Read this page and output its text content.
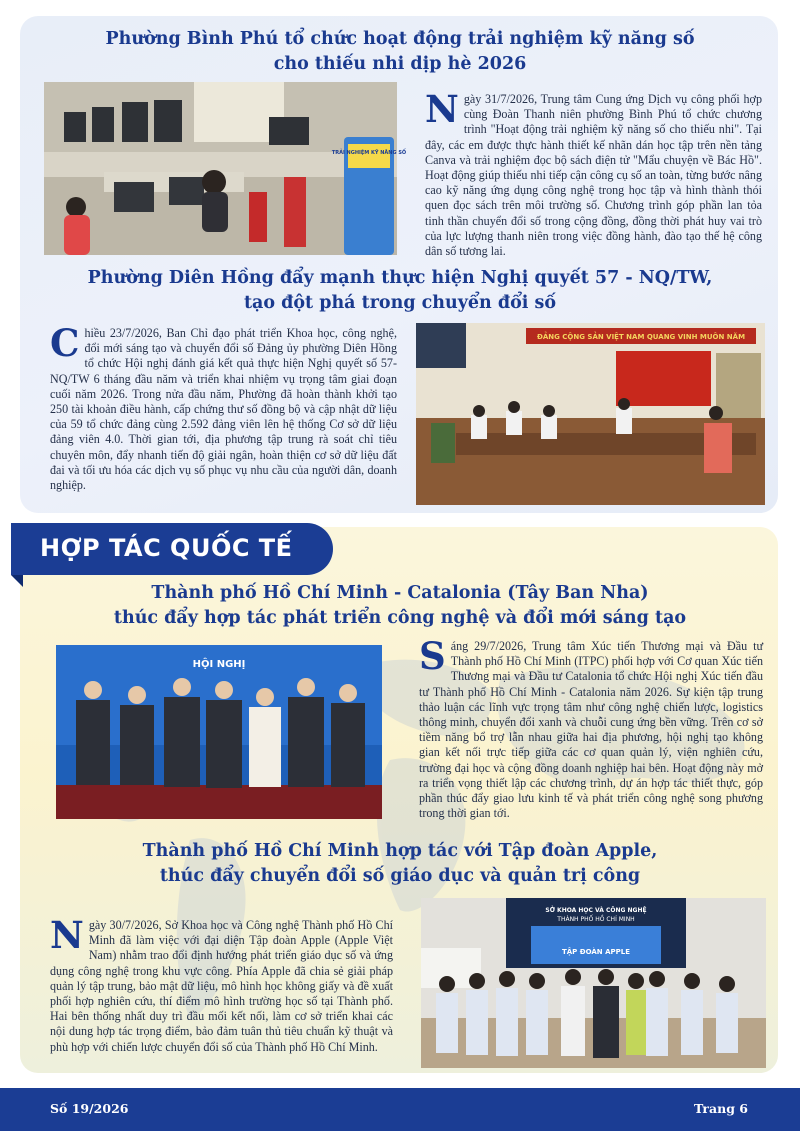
Phường Bình Phú tổ chức hoạt động trải nghiệm kỹ năng số
cho thiếu nhi dịp hè 2026
TRẢI NGHIỆM KỸ NĂNG SỐ
N gày 31/7/2026, Trung tâm Cung ứng Dịch vụ công phối hợp cùng Đoàn Thanh niên phường Bình Phú tổ chức chương trình "Hoạt động trải nghiệm kỹ năng số cho thiếu nhi". Tại đây, các em được thực hành thiết kế nhãn dán học tập trên nền tảng Canva và trải nghiệm đọc bộ sách điện tử "Mẩu chuyện về Bác Hồ". Hoạt động giúp thiếu nhi tiếp cận công cụ số an toàn, từng bước nâng cao kỹ năng ứng dụng công nghệ trong học tập và hình thành thói quen đọc sách trên môi trường số. Chương trình góp phần lan tỏa tinh thần chuyển đổi số trong cộng đồng, đồng thời phát huy vai trò của lực lượng thanh niên trong việc đồng hành, đào tạo thế hệ công dân số tương lai.
Phường Diên Hồng đẩy mạnh thực hiện Nghị quyết 57 - NQ/TW,
tạo đột phá trong chuyển đổi số
C hiều 23/7/2026, Ban Chỉ đạo phát triển Khoa học, công nghệ, đổi mới sáng tạo và chuyển đổi số Đảng ủy phường Diên Hồng tổ chức Hội nghị đánh giá kết quả thực hiện Nghị quyết số 57-NQ/TW 6 tháng đầu năm và triển khai nhiệm vụ trọng tâm giai đoạn cuối năm 2026. Trong nửa đầu năm, Phường đã hoàn thành khởi tạo 250 tài khoản điều hành, cấp chứng thư số đồng bộ và cập nhật dữ liệu của 59 tổ chức đảng cùng 2.592 đảng viên lên hệ thống Cơ sở dữ liệu đảng viên 4.0. Thời gian tới, địa phương tập trung rà soát chỉ tiêu chuyên môn, đẩy nhanh tiến độ giải ngân, hoàn thiện cơ sở dữ liệu đất đai và tối ưu hóa các dịch vụ số phục vụ nhu cầu của người dân, doanh nghiệp.
ĐẢNG CỘNG SẢN VIỆT NAM QUANG VINH MUÔN NĂM
HỢP TÁC QUỐC TẾ
Thành phố Hồ Chí Minh - Catalonia (Tây Ban Nha)
thúc đẩy hợp tác phát triển công nghệ và đổi mới sáng tạo
HỘI NGHỊ	S áng 29/7/2026, Trung tâm Xúc tiến Thương mại và Đầu tư Thành phố Hồ Chí Minh (ITPC) phối hợp với Cơ quan Xúc tiến Thương mại và Đầu tư Catalonia tổ chức Hội nghị Xúc tiến đầu tư Thành phố Hồ Chí Minh - Catalonia năm 2026. Sự kiện tập trung thảo luận các lĩnh vực trọng tâm như công nghệ chiến lược, logistics thông minh, chuyển đổi xanh và chuỗi cung ứng bền vững. Trên cơ sở tiềm năng bổ trợ lẫn nhau giữa hai địa phương, hội nghị tạo không gian kết nối trực tiếp giữa các cơ quan quản lý, viện nghiên cứu, trường đại học và cộng đồng doanh nghiệp hai bên. Hoạt động này mở ra triển vọng thiết lập các chương trình, dự án hợp tác thiết thực, góp phần thúc đẩy giao lưu kinh tế và phát triển công nghệ song phương trong thời gian tới.
Thành phố Hồ Chí Minh hợp tác với Tập đoàn Apple,
thúc đẩy chuyển đổi số giáo dục và quản trị công
N gày 30/7/2026, Sở Khoa học và Công nghệ Thành phố Hồ Chí Minh đã làm việc với đại diện Tập đoàn Apple (Apple Việt Nam) nhằm trao đổi định hướng phát triển giáo dục số và ứng dụng công nghệ trong khu vực công. Phía Apple đã chia sẻ giải pháp quản lý tập trung, bảo mật dữ liệu, mô hình học không giấy và đề xuất phối hợp nghiên cứu, thí điểm mô hình trường học số tại Thành phố. Hai bên thống nhất duy trì đầu mối kết nối, làm cơ sở triển khai các nội dung hợp tác trọng điểm, bảo đảm tuân thủ tiêu chuẩn kỹ thuật và phù hợp với chiến lược chuyển đổi số của Thành phố Hồ Chí Minh.
SỞ KHOA HỌC VÀ CÔNG NGHỆ
THÀNH PHỐ HỒ CHÍ MINH
TẬP ĐOÀN APPLE
Số 19/2026	Trang 6
